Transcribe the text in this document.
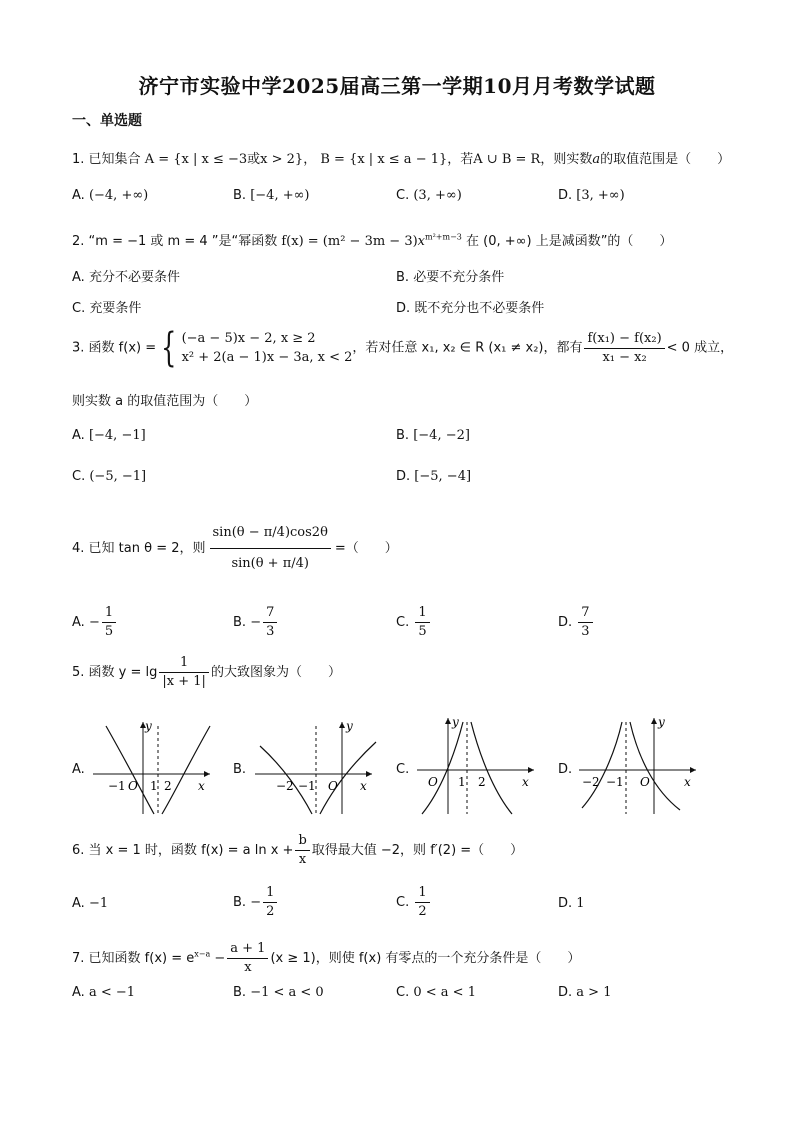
济宁市实验中学2025届高三第一学期10月月考数学试题
一、单选题
1. 已知集合 A = {x | x ≤ −3或x > 2}， B = {x | x ≤ a − 1}，若A ∪ B = R，则实数a的取值范围是（　　）
A. (−4, +∞)	B. [−4, +∞)	C. (3, +∞)	D. [3, +∞)
2. “m = −1 或 m = 4 ”是“幂函数 $f(x) = (m^2 - 3m - 3)x^{m^2+m-3}$ 在 (0, +∞) 上是减函数”的（　　）
A. 充分不必要条件	B. 必要不充分条件
C. 充要条件	D. 既不充分也不必要条件
3. 函数 f(x) = { (−a − 5)x − 2, x ≥ 2
x² + 2(a − 1)x − 3a, x < 2
，若对任意 x₁, x₂ ∈ R (x₁ ≠ x₂)，都有 $\frac{\text{f(x₁) − f(x₂)}}{\text{x₁ − x₂}} < 0$ 成立，
则实数 a 的取值范围为（　　）
A. [−4, −1]	B. [−4, −2]
C. (−5, −1]	D. [−5, −4]
4. 已知 tan θ = 2，则 $\frac{\sin(\theta - \pi/4)\cos 2\theta}{\sin(\theta + \pi/4)}$ =（　　）
A. − $\frac{1}{5}$	B. − $\frac{7}{3}$	C. $\frac{1}{5}$	D. $\frac{7}{3}$
5. 函数 $y = \lg \frac{1}{|x + 1|}$ 的大致图象为（　　）
A.
y
x
−1 O 1 2
B.
y
x
−2 −1 O
C.
y
x
O 1 2
D.
y
x
−2 −1 O
6. 当 x = 1 时，函数 f(x) = a $\ln x + \frac{b}{x}$ 取得最大值 −2，则 f′(2) =（　　）
A. −1	B. − $\frac{1}{2}$	C. $\frac{1}{2}$	D. 1
7. 已知函数 $f(x) = e^{x-a} - \frac{a + 1}{x} (x \ge 1)$，则使 f(x) 有零点的一个充分条件是（　　）
A. a < −1	B. −1 < a < 0	C. 0 < a < 1	D. a > 1
